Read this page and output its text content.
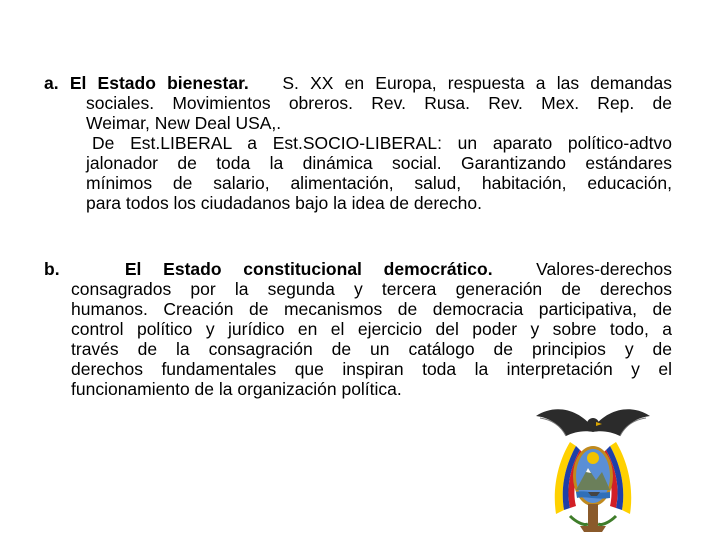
a. El Estado bienestar. S. XX en Europa, respuesta a las demandas
sociales. Movimientos obreros. Rev. Rusa. Rev. Mex. Rep. de
Weimar, New Deal USA,.
De Est.LIBERAL a Est.SOCIO-LIBERAL: un aparato político-adtvo
jalonador de toda la dinámica social. Garantizando estándares
mínimos de salario, alimentación, salud, habitación, educación,
para todos los ciudadanos bajo la idea de derecho.
b.	El Estado constitucional democrático. Valores-derechos
consagrados por la segunda y tercera generación de derechos
humanos. Creación de mecanismos de democracia participativa, de
control político y jurídico en el ejercicio del poder y sobre todo, a
través de la consagración de un catálogo de principios y de
derechos fundamentales que inspiran toda la interpretación y el
funcionamiento de la organización política.
